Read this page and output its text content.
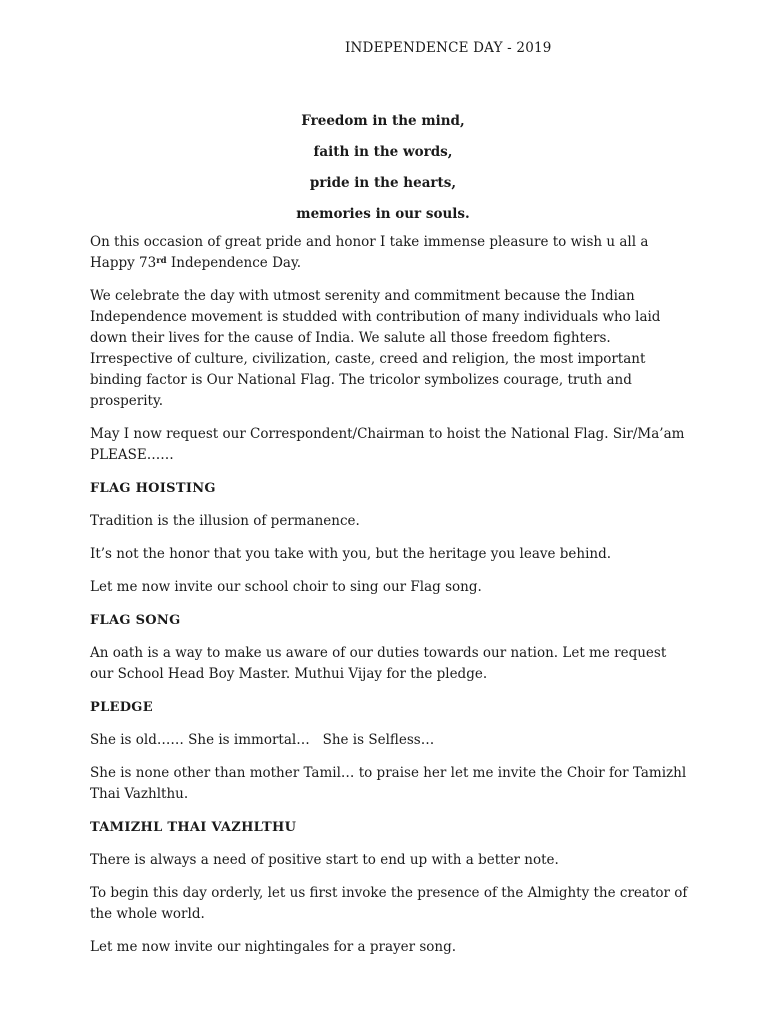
INDEPENDENCE DAY - 2019
Freedom in the mind,
faith in the words,
pride in the hearts,
memories in our souls.

On this occasion of great pride and honor I take immense pleasure to wish u all a Happy 73rd Independence Day.

We celebrate the day with utmost serenity and commitment because the Indian Independence movement is studded with contribution of many individuals who laid down their lives for the cause of India. We salute all those freedom fighters. Irrespective of culture, civilization, caste, creed and religion, the most important binding factor is Our National Flag. The tricolor symbolizes courage, truth and prosperity.

May I now request our Correspondent/Chairman to hoist the National Flag. Sir/Ma’am PLEASE……

FLAG HOISTING

Tradition is the illusion of permanence.

It’s not the honor that you take with you, but the heritage you leave behind.

Let me now invite our school choir to sing our Flag song.

FLAG SONG

An oath is a way to make us aware of our duties towards our nation. Let me request our School Head Boy Master. Muthui Vijay for the pledge.

PLEDGE

She is old…… She is immortal…   She is Selfless…

She is none other than mother Tamil… to praise her let me invite the Choir for Tamizhl Thai Vazhlthu.

TAMIZHL THAI VAZHLTHU

There is always a need of positive start to end up with a better note.

To begin this day orderly, let us first invoke the presence of the Almighty the creator of the whole world.

Let me now invite our nightingales for a prayer song.
